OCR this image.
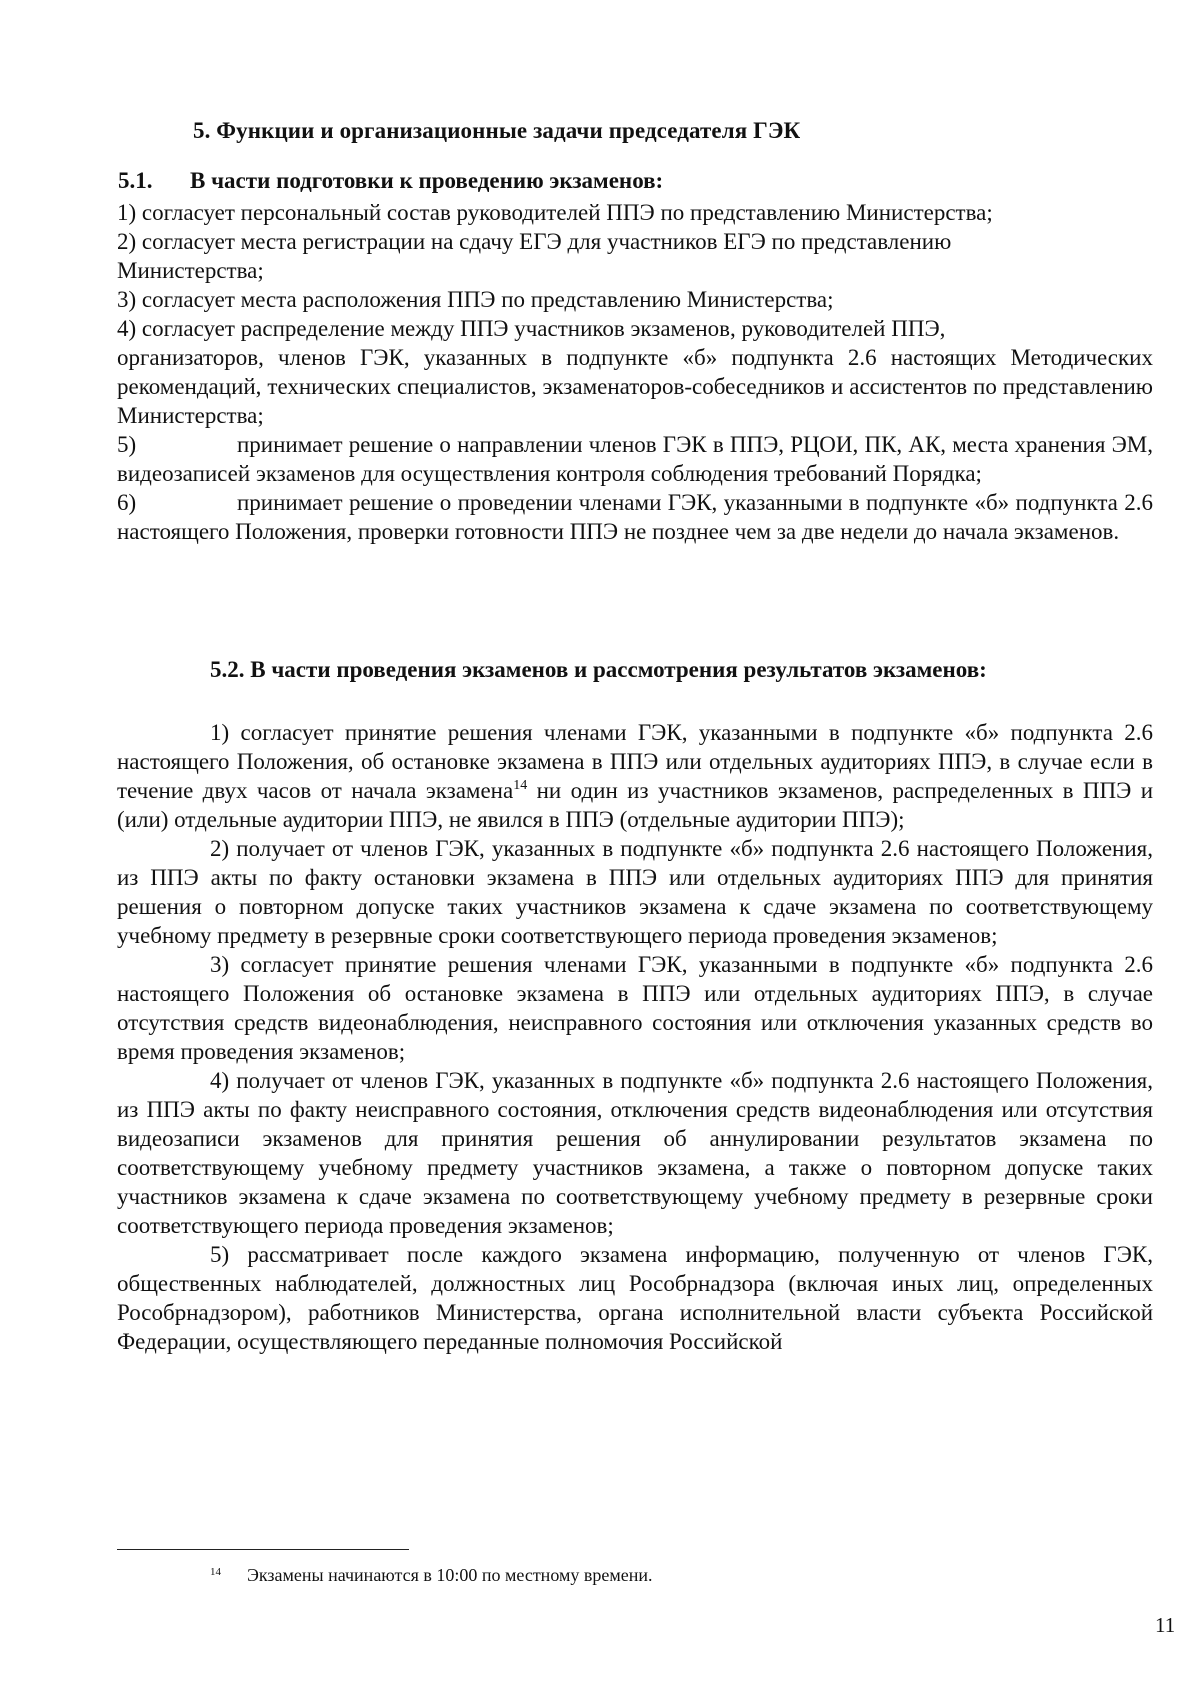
5. Функции и организационные задачи председателя ГЭК
5.1. В части подготовки к проведению экзаменов:

1) согласует персональный состав руководителей ППЭ по представлению Министерства;

2) согласует места регистрации на сдачу ЕГЭ для участников ЕГЭ по представлению

Министерства;

3) согласует места расположения ППЭ по представлению Министерства;

4) согласует распределение между ППЭ участников экзаменов, руководителей ППЭ,

организаторов, членов ГЭК, указанных в подпункте «б» подпункта 2.6 настоящих Методических рекомендаций, технических специалистов, экзаменаторов-собеседников и ассистентов по представлению Министерства;

5)	принимает решение о направлении членов ГЭК в ППЭ, РЦОИ, ПК, АК, места хранения ЭМ, видеозаписей экзаменов для осуществления контроля соблюдения требований Порядка;

6)	принимает решение о проведении членами ГЭК, указанными в подпункте «б» подпункта 2.6 настоящего Положения, проверки готовности ППЭ не позднее чем за две недели до начала экзаменов.

5.2. В части проведения экзаменов и рассмотрения результатов экзаменов:

1) согласует принятие решения членами ГЭК, указанными в подпункте «б» подпункта 2.6 настоящего Положения, об остановке экзамена в ППЭ или отдельных аудиториях ППЭ, в случае если в течение двух часов от начала экзамена$^{14}$ ни один из участников экзаменов, распределенных в ППЭ и (или) отдельные аудитории ППЭ, не явился в ППЭ (отдельные аудитории ППЭ);

2) получает от членов ГЭК, указанных в подпункте «б» подпункта 2.6 настоящего Положения, из ППЭ акты по факту остановки экзамена в ППЭ или отдельных аудиториях ППЭ для принятия решения о повторном допуске таких участников экзамена к сдаче экзамена по соответствующему учебному предмету в резервные сроки соответствующего периода проведения экзаменов;

3) согласует принятие решения членами ГЭК, указанными в подпункте «б» подпункта 2.6 настоящего Положения об остановке экзамена в ППЭ или отдельных аудиториях ППЭ, в случае отсутствия средств видеонаблюдения, неисправного состояния или отключения указанных средств во время проведения экзаменов;

4) получает от членов ГЭК, указанных в подпункте «б» подпункта 2.6 настоящего Положения, из ППЭ акты по факту неисправного состояния, отключения средств видеонаблюдения или отсутствия видеозаписи экзаменов для принятия решения об аннулировании результатов экзамена по соответствующему учебному предмету участников экзамена, а также о повторном допуске таких участников экзамена к сдаче экзамена по соответствующему учебному предмету в резервные сроки соответствующего периода проведения экзаменов;

5) рассматривает после каждого экзамена информацию, полученную от членов ГЭК, общественных наблюдателей, должностных лиц Рособрнадзора (включая иных лиц, определенных Рособрнадзором), работников Министерства, органа исполнительной власти субъекта Российской Федерации, осуществляющего переданные полномочия Российской

$^{14}$ Экзамены начинаются в 10:00 по местному времени.
11
